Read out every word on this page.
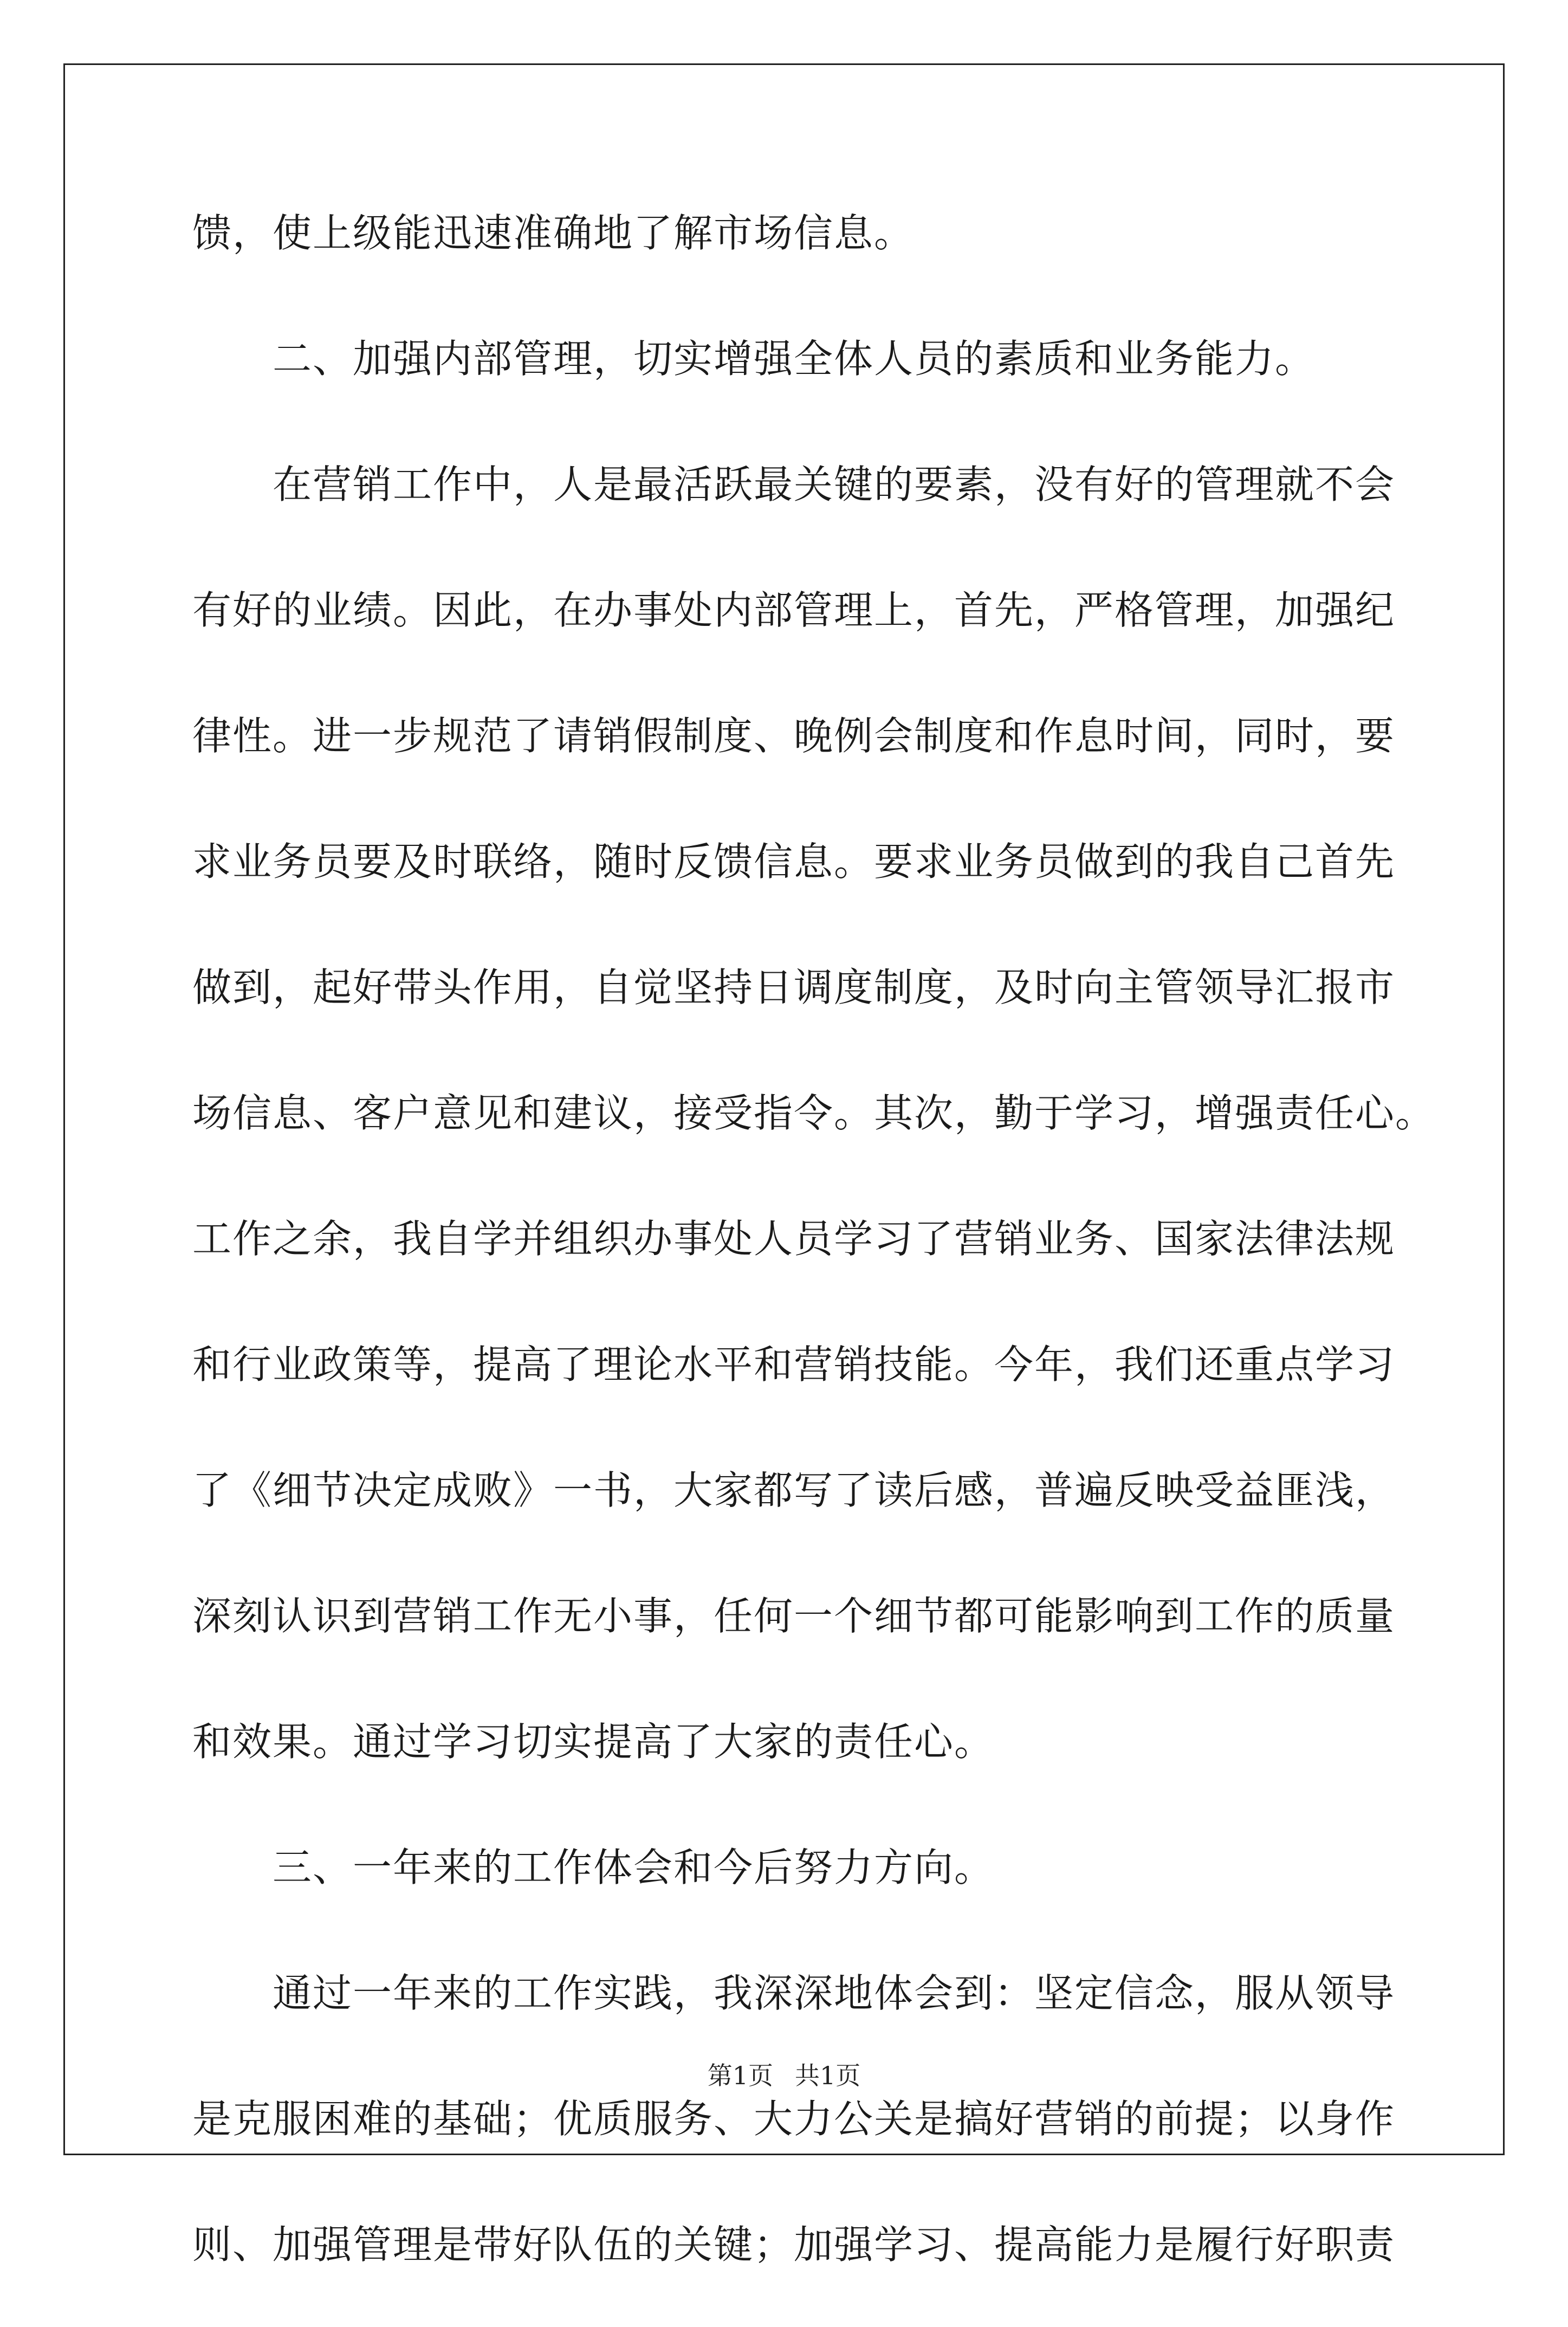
馈，使上级能迅速准确地了解市场信息。
二、加强内部管理，切实增强全体人员的素质和业务能力。
在营销工作中，人是最活跃最关键的要素，没有好的管理就不会
有好的业绩。因此，在办事处内部管理上，首先，严格管理，加强纪
律性。进一步规范了请销假制度、晚例会制度和作息时间，同时，要
求业务员要及时联络，随时反馈信息。要求业务员做到的我自己首先
做到，起好带头作用，自觉坚持日调度制度，及时向主管领导汇报市
场信息、客户意见和建议，接受指令。其次，勤于学习，增强责任心。
工作之余，我自学并组织办事处人员学习了营销业务、国家法律法规
和行业政策等，提高了理论水平和营销技能。今年，我们还重点学习
了《细节决定成败》一书，大家都写了读后感，普遍反映受益匪浅，
深刻认识到营销工作无小事，任何一个细节都可能影响到工作的质量
和效果。通过学习切实提高了大家的责任心。
三、一年来的工作体会和今后努力方向。
通过一年来的工作实践，我深深地体会到：坚定信念，服从领导
是克服困难的基础；优质服务、大力公关是搞好营销的前提；以身作
则、加强管理是带好队伍的关键；加强学习、提高能力是履行好职责
第1页 共1页
